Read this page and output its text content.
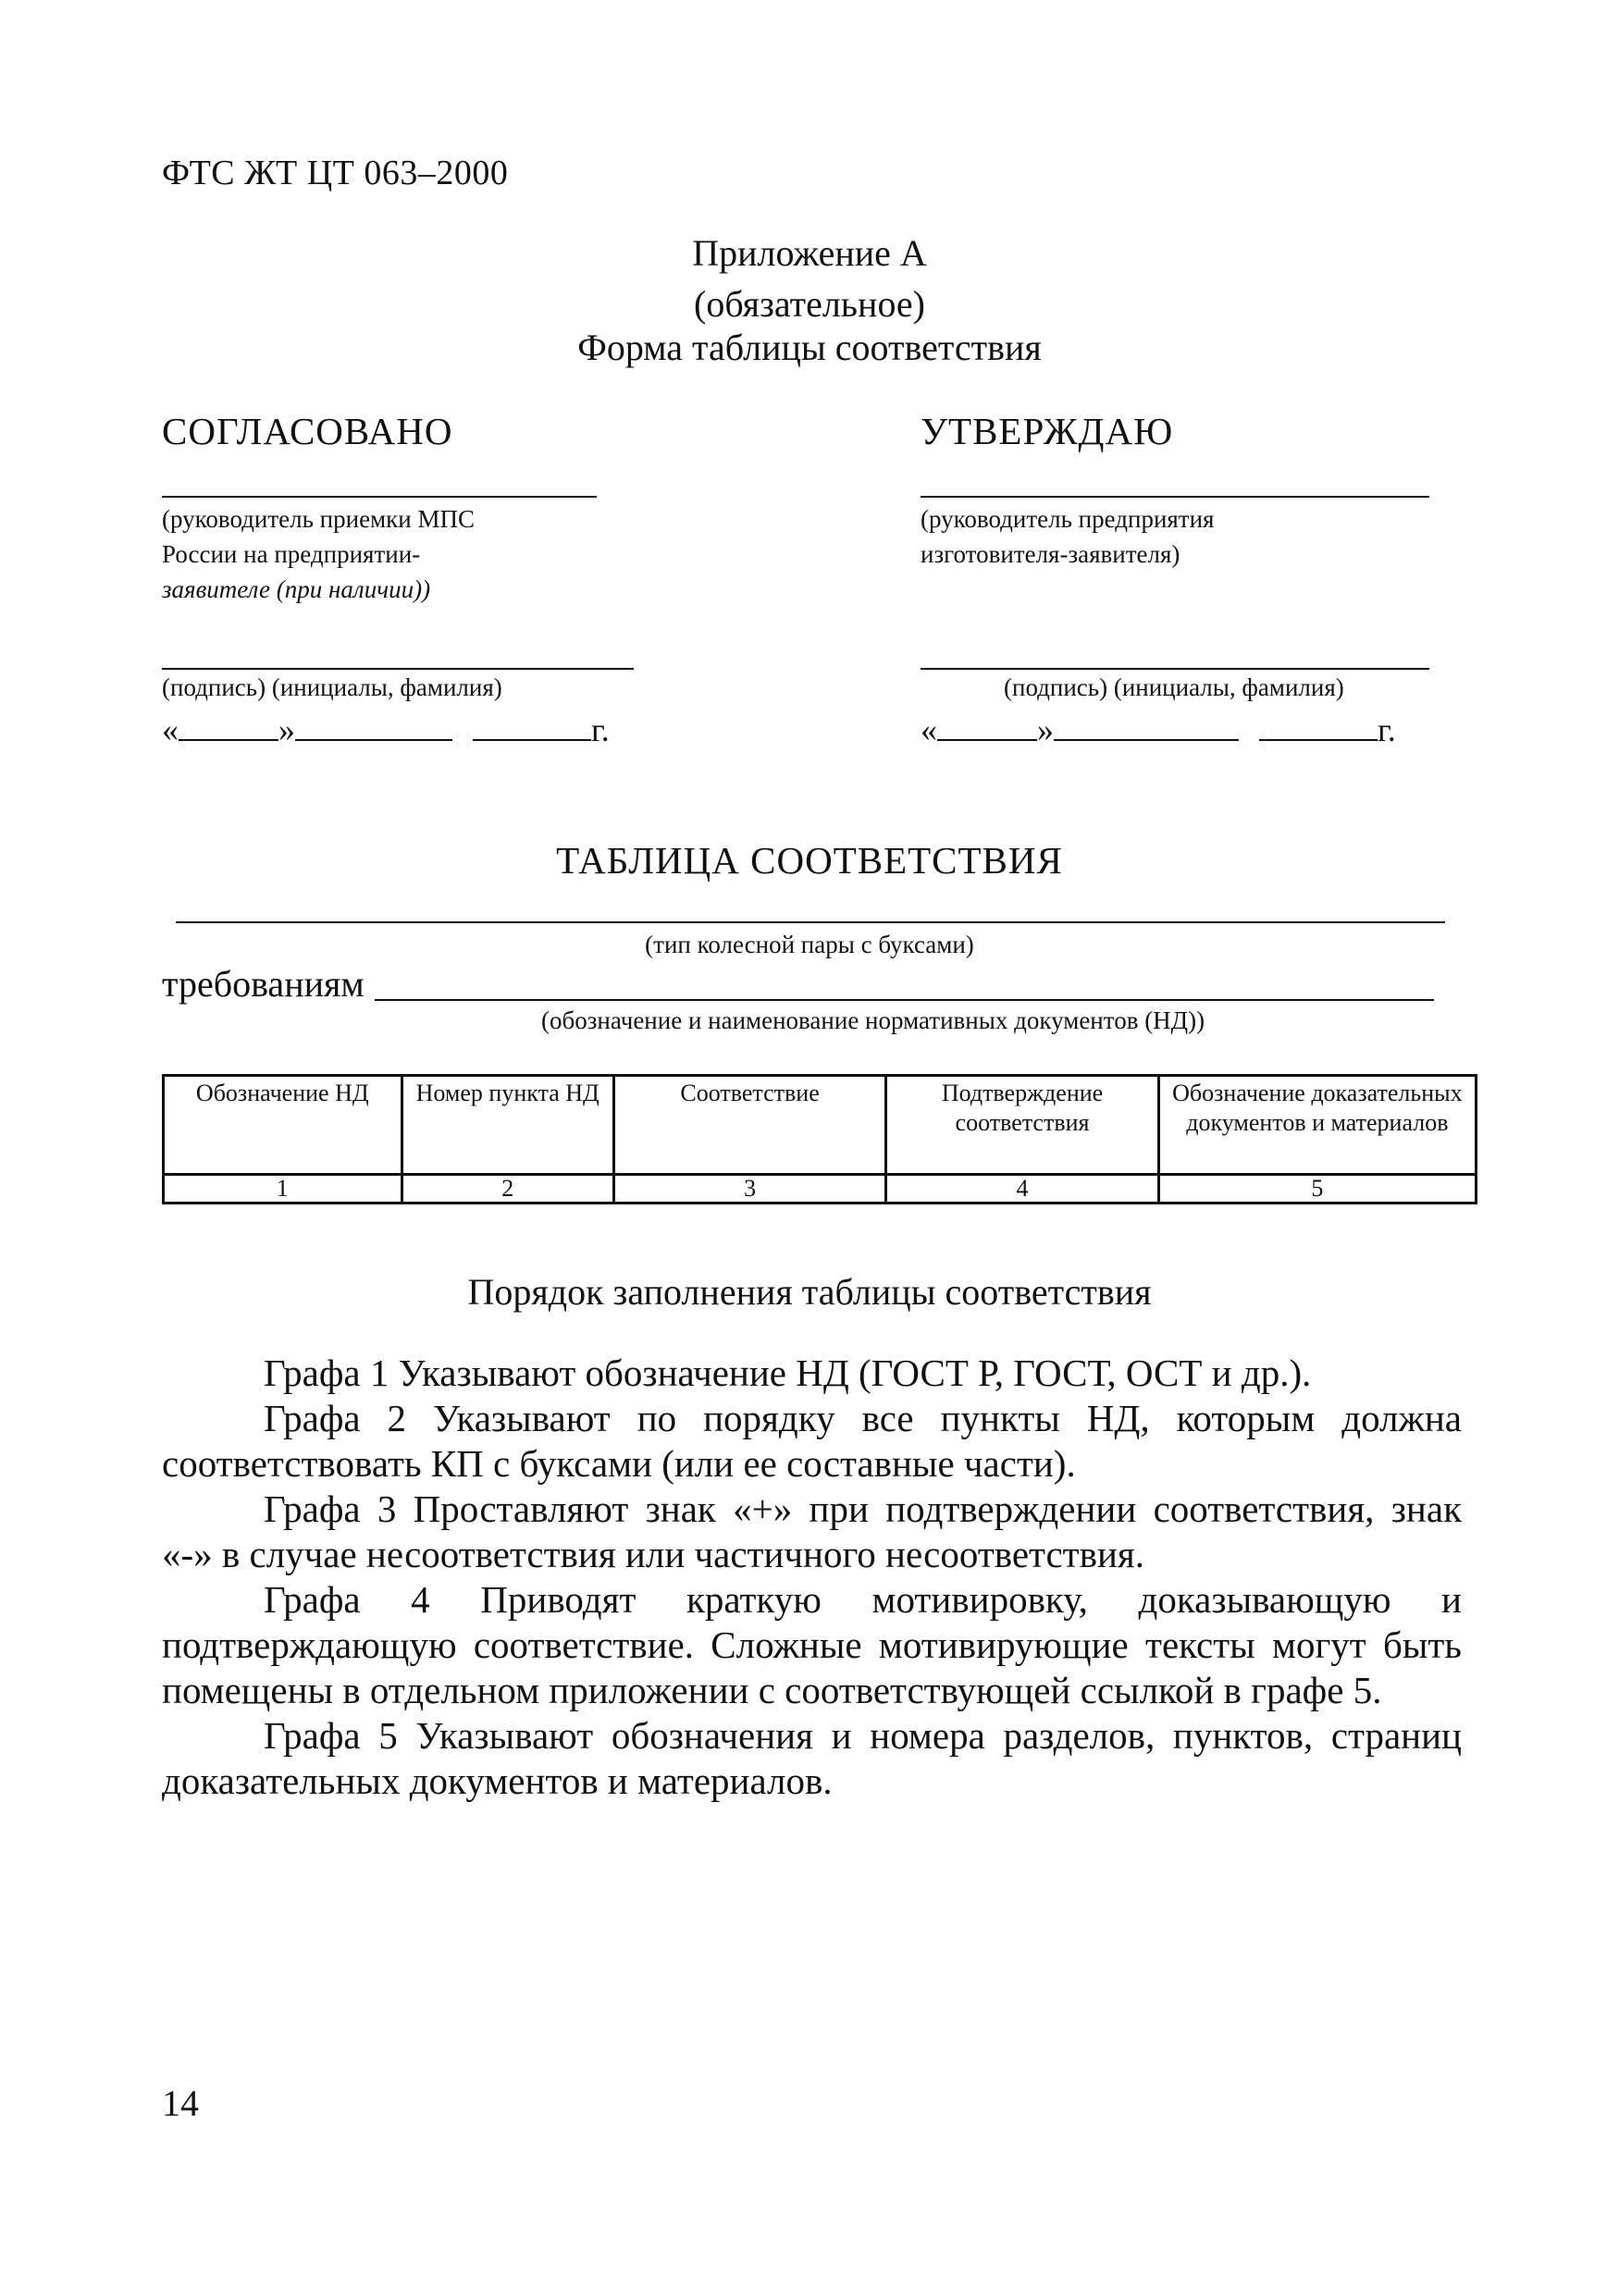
ФТС ЖТ ЦТ 063–2000
Приложение А
(обязательное)
Форма таблицы соответствия
СОГЛАСОВАНО
(руководитель приемки МПС
России на предприятии-
заявителе (при наличии))
(подпись) (инициалы, фамилия)
«	»	г.
УТВЕРЖДАЮ
(руководитель предприятия
изготовителя-заявителя)
(подпись) (инициалы, фамилия)
«	»	г.
ТАБЛИЦА СООТВЕТСТВИЯ
(тип колесной пары с буксами)
требованиям
(обозначение и наименование нормативных документов (НД))
Обозначение НД	Номер пункта НД	Соответствие	Подтверждение соответствия	Обозначение доказательных документов и материалов
1	2	3	4	5
Порядок заполнения таблицы соответствия

Графа 1 Указывают обозначение НД (ГОСТ Р, ГОСТ, ОСТ и др.).

Графа 2 Указывают по порядку все пункты НД, которым должна соответствовать КП с буксами (или ее составные части).

Графа 3 Проставляют знак «+» при подтверждении соответствия, знак «-» в случае несоответствия или частичного несоответствия.

Графа 4 Приводят краткую мотивировку, доказывающую и подтверждающую соответствие. Сложные мотивирующие тексты могут быть помещены в отдельном приложении с соответствующей ссылкой в графе 5.

Графа 5 Указывают обозначения и номера разделов, пунктов, страниц доказательных документов и материалов.

14
